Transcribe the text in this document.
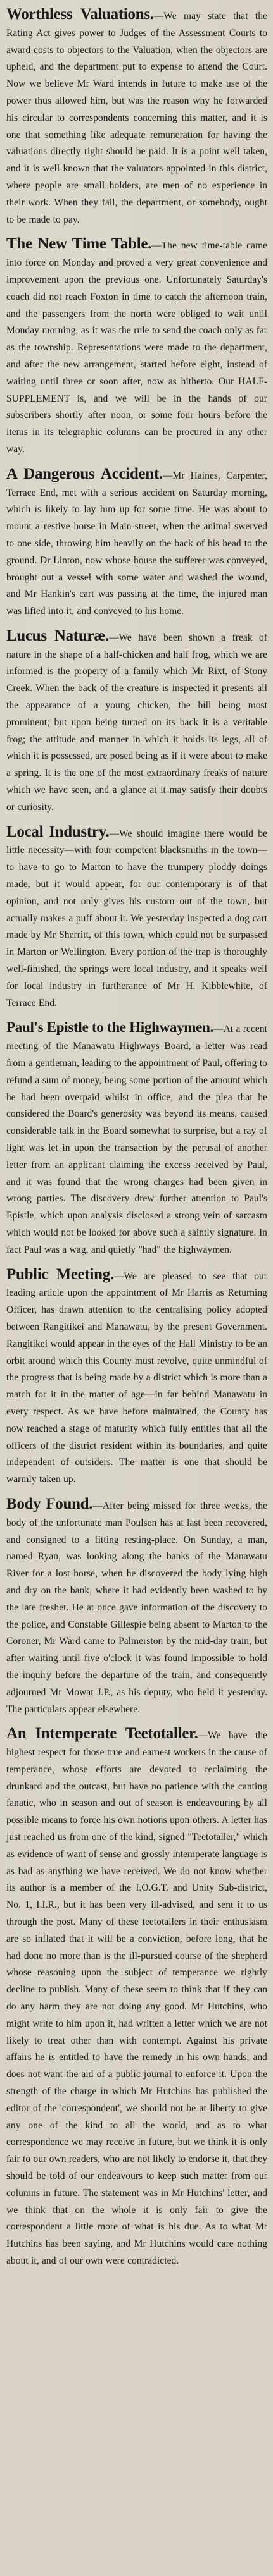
Worthless Valuations.—We may state that the Rating Act gives power to Judges of the Assessment Courts to award costs to objectors to the Valuation, when the objectors are upheld, and the department put to expense to attend the Court. Now we believe Mr Ward intends in future to make use of the power thus allowed him, but was the reason why he forwarded his circular to correspondents concerning this matter, and it is one that something like adequate remuneration for having the valuations directly right should be paid. It is a point well taken, and it is well known that the valuators appointed in this district, where people are small holders, are men of no experience in their work. When they fail, the department, or somebody, ought to be made to pay.

The New Time Table.—The new time-table came into force on Monday and proved a very great convenience and improvement upon the previous one. Unfortunately Saturday's coach did not reach Foxton in time to catch the afternoon train, and the passengers from the north were obliged to wait until Monday morning, as it was the rule to send the coach only as far as the township. Representations were made to the department, and after the new arrangement, started before eight, instead of waiting until three or soon after, now as hitherto. Our HALF-SUPPLEMENT is, and we will be in the hands of our subscribers shortly after noon, or some four hours before the items in its telegraphic columns can be procured in any other way.

A Dangerous Accident.—Mr Haines, Carpenter, Terrace End, met with a serious accident on Saturday morning, which is likely to lay him up for some time. He was about to mount a restive horse in Main-street, when the animal swerved to one side, throwing him heavily on the back of his head to the ground. Dr Linton, now whose house the sufferer was conveyed, brought out a vessel with some water and washed the wound, and Mr Hankin's cart was passing at the time, the injured man was lifted into it, and conveyed to his home.

Lucus Naturæ.—We have been shown a freak of nature in the shape of a half-chicken and half frog, which we are informed is the property of a family which Mr Rixt, of Stony Creek. When the back of the creature is inspected it presents all the appearance of a young chicken, the bill being most prominent; but upon being turned on its back it is a veritable frog; the attitude and manner in which it holds its legs, all of which it is possessed, are posed being as if it were about to make a spring. It is the one of the most extraordinary freaks of nature which we have seen, and a glance at it may satisfy their doubts or curiosity.

Local Industry.—We should imagine there would be little necessity—with four competent blacksmiths in the town—to have to go to Marton to have the trumpery ploddy doings made, but it would appear, for our contemporary is of that opinion, and not only gives his custom out of the town, but actually makes a puff about it. We yesterday inspected a dog cart made by Mr Sherritt, of this town, which could not be surpassed in Marton or Wellington. Every portion of the trap is thoroughly well-finished, the springs were local industry, and it speaks well for local industry in furtherance of Mr H. Kibblewhite, of Terrace End.

Paul's Epistle to the Highwaymen.—At a recent meeting of the Manawatu Highways Board, a letter was read from a gentleman, leading to the appointment of Paul, offering to refund a sum of money, being some portion of the amount which he had been overpaid whilst in office, and the plea that he considered the Board's generosity was beyond its means, caused considerable talk in the Board somewhat to surprise, but a ray of light was let in upon the transaction by the perusal of another letter from an applicant claiming the excess received by Paul, and it was found that the wrong charges had been given in wrong parties. The discovery drew further attention to Paul's Epistle, which upon analysis disclosed a strong vein of sarcasm which would not be looked for above such a saintly signature. In fact Paul was a wag, and quietly "had" the highwaymen.

Public Meeting.—We are pleased to see that our leading article upon the appointment of Mr Harris as Returning Officer, has drawn attention to the centralising policy adopted between Rangitikei and Manawatu, by the present Government. Rangitikei would appear in the eyes of the Hall Ministry to be an orbit around which this County must revolve, quite unmindful of the progress that is being made by a district which is more than a match for it in the matter of age—in far behind Manawatu in every respect. As we have before maintained, the County has now reached a stage of maturity which fully entitles that all the officers of the district resident within its boundaries, and quite independent of outsiders. The matter is one that should be warmly taken up.

Body Found.—After being missed for three weeks, the body of the unfortunate man Poulsen has at last been recovered, and consigned to a fitting resting-place. On Sunday, a man, named Ryan, was looking along the banks of the Manawatu River for a lost horse, when he discovered the body lying high and dry on the bank, where it had evidently been washed to by the late freshet. He at once gave information of the discovery to the police, and Constable Gillespie being absent to Marton to the Coroner, Mr Ward came to Palmerston by the mid-day train, but after waiting until five o'clock it was found impossible to hold the inquiry before the departure of the train, and consequently adjourned Mr Mowat J.P., as his deputy, who held it yesterday. The particulars appear elsewhere.

An Intemperate Teetotaller.—We have the highest respect for those true and earnest workers in the cause of temperance, whose efforts are devoted to reclaiming the drunkard and the outcast, but have no patience with the canting fanatic, who in season and out of season is endeavouring by all possible means to force his own notions upon others. A letter has just reached us from one of the kind, signed "Teetotaller," which as evidence of want of sense and grossly intemperate language is as bad as anything we have received. We do not know whether its author is a member of the I.O.G.T. and Unity Sub-district, No. 1, I.I.R., but it has been very ill-advised, and sent it to us through the post. Many of these teetotallers in their enthusiasm are so inflated that it will be a conviction, before long, that he had done no more than is the ill-pursued course of the shepherd whose reasoning upon the subject of temperance we rightly decline to publish. Many of these seem to think that if they can do any harm they are not doing any good. Mr Hutchins, who might write to him upon it, had written a letter which we are not likely to treat other than with contempt. Against his private affairs he is entitled to have the remedy in his own hands, and does not want the aid of a public journal to enforce it. Upon the strength of the charge in which Mr Hutchins has published the editor of the 'correspondent', we should not be at liberty to give any one of the kind to all the world, and as to what correspondence we may receive in future, but we think it is only fair to our own readers, who are not likely to endorse it, that they should be told of our endeavours to keep such matter from our columns in future. The statement was in Mr Hutchins' letter, and we think that on the whole it is only fair to give the correspondent a little more of what is his due. As to what Mr Hutchins has been saying, and Mr Hutchins would care nothing about it, and of our own were contradicted.
